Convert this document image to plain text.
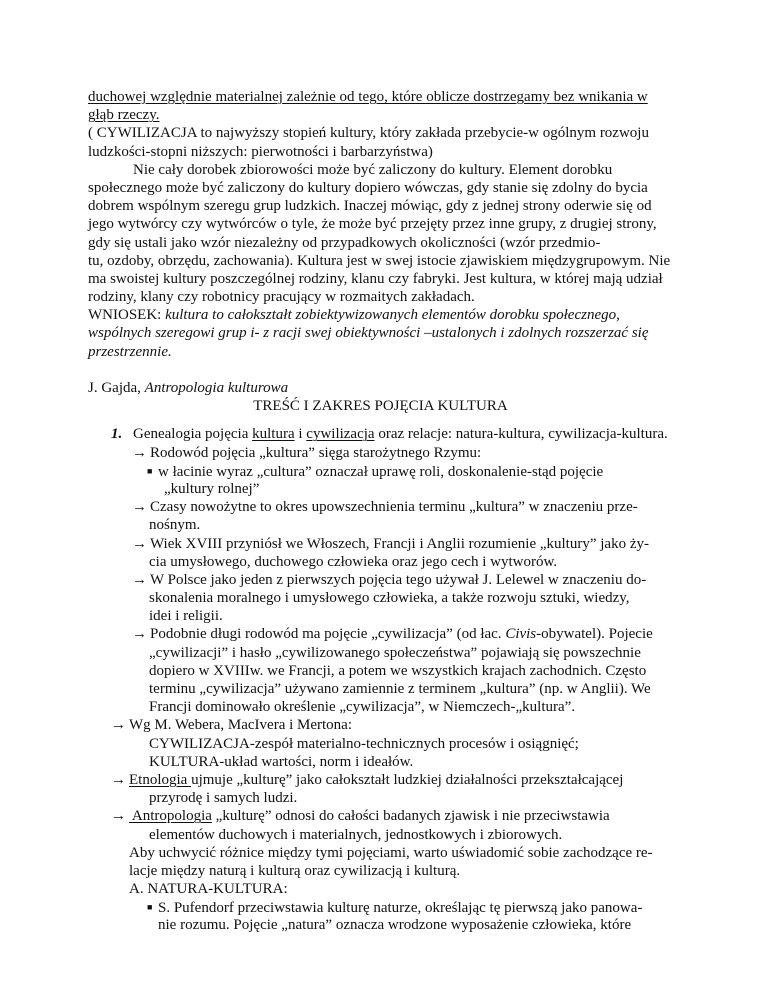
duchowej względnie materialnej zależnie od tego, które oblicze dostrzegamy bez wnikania w
głąb rzeczy.
( CYWILIZACJA to najwyższy stopień kultury, który zakłada przebycie-w ogólnym rozwoju
ludzkości-stopni niższych: pierwotności i barbarzyństwa)
Nie cały dorobek zbiorowości może być zaliczony do kultury. Element dorobku
społecznego może być zaliczony do kultury dopiero wówczas, gdy stanie się zdolny do bycia
dobrem wspólnym szeregu grup ludzkich. Inaczej mówiąc, gdy z jednej strony oderwie się od
jego wytwórcy czy wytwórców o tyle, że może być przejęty przez inne grupy, z drugiej strony,
gdy się ustali jako wzór niezależny od przypadkowych okoliczności (wzór przedmio-
tu, ozdoby, obrzędu, zachowania). Kultura jest w swej istocie zjawiskiem międzygrupowym. Nie
ma swoistej kultury poszczególnej rodziny, klanu czy fabryki. Jest kultura, w której mają udział
rodziny, klany czy robotnicy pracujący w rozmaitych zakładach.
WNIOSEK: kultura to całokształt zobiektywizowanych elementów dorobku społecznego,
wspólnych szeregowi grup i- z racji swej obiektywności –ustalonych i zdolnych rozszerzać się
przestrzennie.
J. Gajda, Antropologia kulturowa
TREŚĆ I ZAKRES POJĘCIA KULTURA
1. Genealogia pojęcia kultura i cywilizacja oraz relacje: natura-kultura, cywilizacja-kultura.
→ Rodowód pojęcia „kultura” sięga starożytnego Rzymu:
■ w łacinie wyraz „cultura” oznaczał uprawę roli, doskonalenie-stąd pojęcie
„kultury rolnej”
→ Czasy nowożytne to okres upowszechnienia terminu „kultura” w znaczeniu prze-
nośnym.
→ Wiek XVIII przyniósł we Włoszech, Francji i Anglii rozumienie „kultury” jako ży-
cia umysłowego, duchowego człowieka oraz jego cech i wytworów.
→ W Polsce jako jeden z pierwszych pojęcia tego używał J. Lelewel w znaczeniu do-
skonalenia moralnego i umysłowego człowieka, a także rozwoju sztuki, wiedzy,
idei i religii.
→ Podobnie długi rodowód ma pojęcie „cywilizacja” (od łac. Civis-obywatel). Pojecie
„cywilizacji” i hasło „cywilizowanego społeczeństwa” pojawiają się powszechnie
dopiero w XVIIIw. we Francji, a potem we wszystkich krajach zachodnich. Często
terminu „cywilizacja” używano zamiennie z terminem „kultura” (np. w Anglii). We
Francji dominowało określenie „cywilizacja”, w Niemczech-„kultura”.
→ Wg M. Webera, MacIvera i Mertona:
CYWILIZACJA-zespół materialno-technicznych procesów i osiągnięć;
KULTURA-układ wartości, norm i ideałów.
→ Etnologia ujmuje „kulturę” jako całokształt ludzkiej działalności przekształcającej
przyrodę i samych ludzi.
→ Antropologia „kulturę” odnosi do całości badanych zjawisk i nie przeciwstawia
elementów duchowych i materialnych, jednostkowych i zbiorowych.
Aby uchwycić różnice między tymi pojęciami, warto uświadomić sobie zachodzące re-
lacje między naturą i kulturą oraz cywilizacją i kulturą.
A. NATURA-KULTURA:
■ S. Pufendorf przeciwstawia kulturę naturze, określając tę pierwszą jako panowa-
nie rozumu. Pojęcie „natura” oznacza wrodzone wyposażenie człowieka, które
